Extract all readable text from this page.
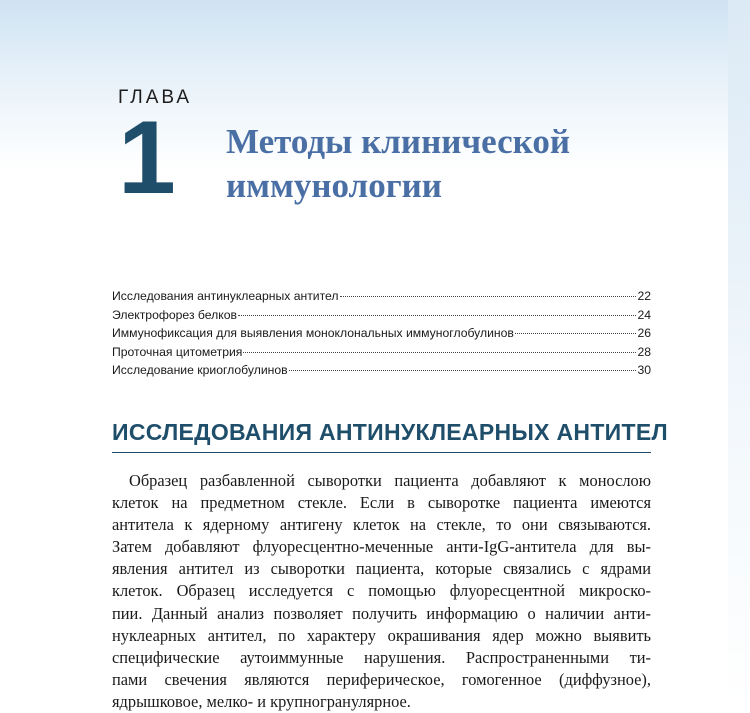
ГЛАВА
1 Методы клинической
иммунологии
Исследования антинуклеарных антител	22
Электрофорез белков	24
Иммунофиксация для выявления моноклональных иммуноглобулинов	26
Проточная цитометрия	28
Исследование криоглобулинов	30
ИССЛЕДОВАНИЯ АНТИНУКЛЕАРНЫХ АНТИТЕЛ
Образец разбавленной сыворотки пациента добавляют к монослою
клеток на предметном стекле. Если в сыворотке пациента имеются
антитела к ядерному антигену клеток на стекле, то они связываются.
Затем добавляют флуоресцентно-меченные анти-IgG-антитела для вы-
явления антител из сыворотки пациента, которые связались с ядрами
клеток. Образец исследуется с помощью флуоресцентной микроско-
пии. Данный анализ позволяет получить информацию о наличии анти-
нуклеарных антител, по характеру окрашивания ядер можно выявить
специфические аутоиммунные нарушения. Распространенными ти-
пами свечения являются периферическое, гомогенное (диффузное),
ядрышковое, мелко- и крупногранулярное.
